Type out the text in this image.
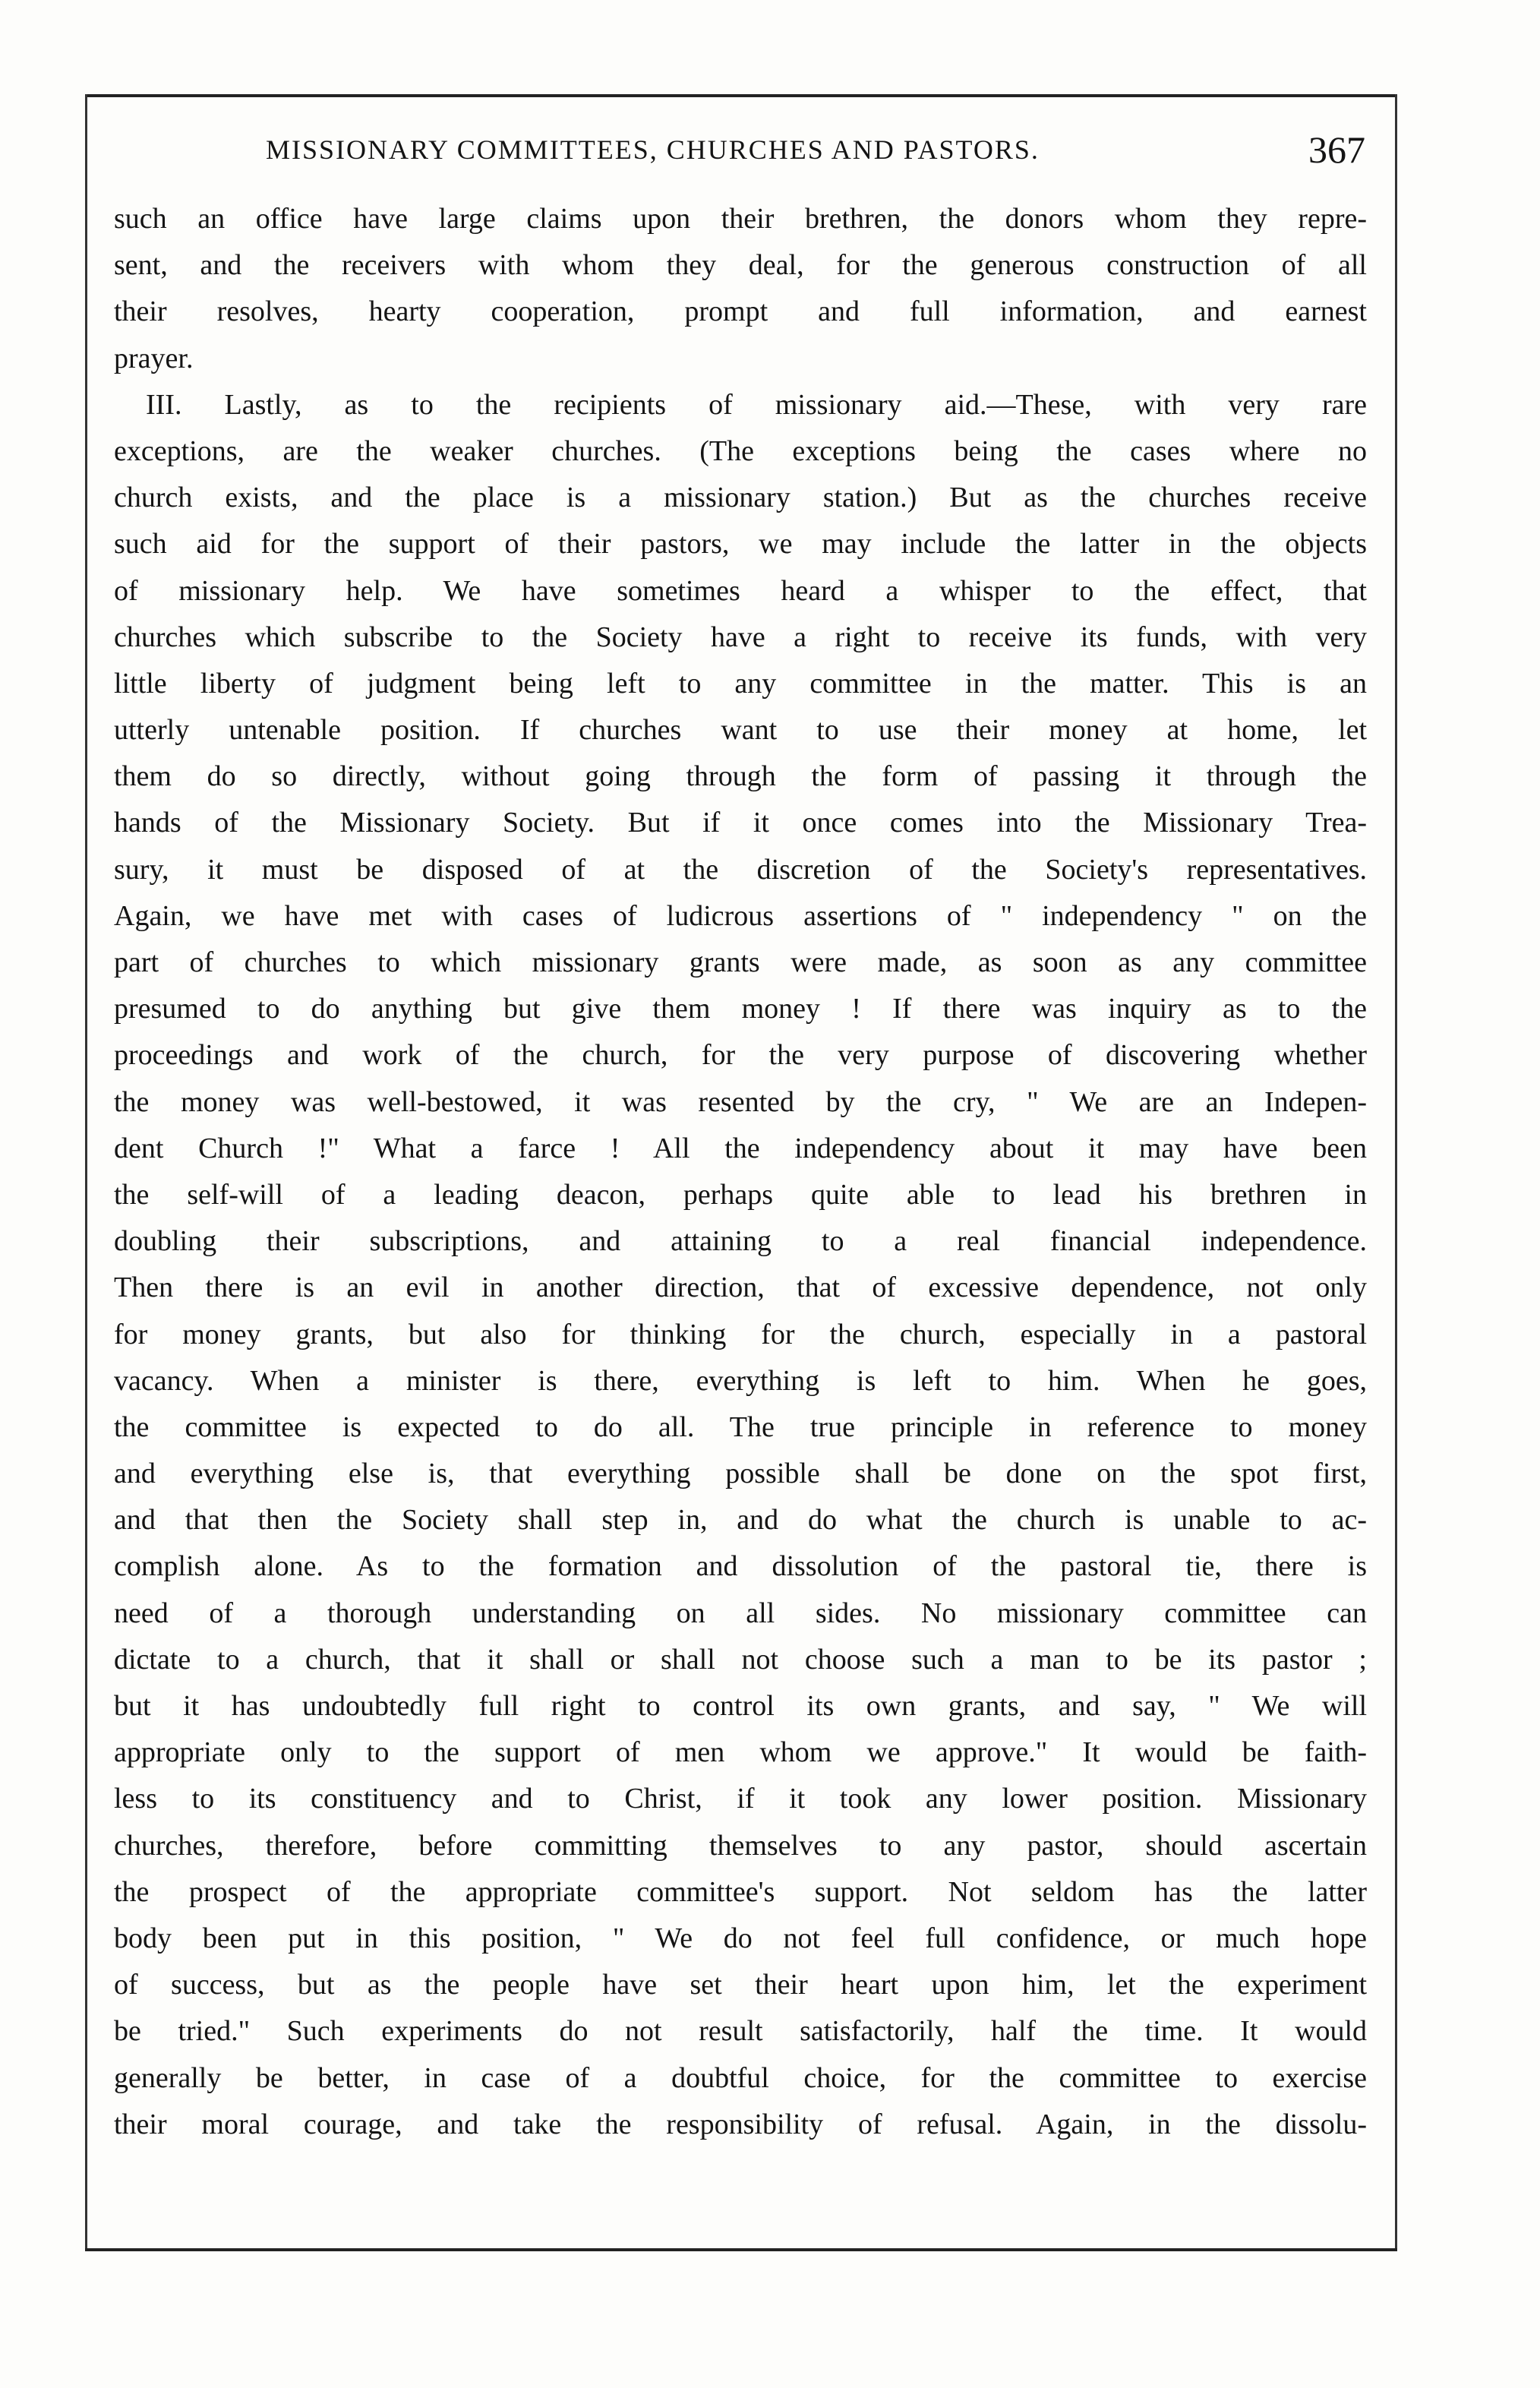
MISSIONARY COMMITTEES, CHURCHES AND PASTORS.	367
such an office have large claims upon their brethren, the donors whom they repre-
sent, and the receivers with whom they deal, for the generous construction of all
their resolves, hearty cooperation, prompt and full information, and earnest
prayer.
III. Lastly, as to the recipients of missionary aid.—These, with very rare
exceptions, are the weaker churches. (The exceptions being the cases where no
church exists, and the place is a missionary station.) But as the churches receive
such aid for the support of their pastors, we may include the latter in the objects
of missionary help. We have sometimes heard a whisper to the effect, that
churches which subscribe to the Society have a right to receive its funds, with very
little liberty of judgment being left to any committee in the matter. This is an
utterly untenable position. If churches want to use their money at home, let
them do so directly, without going through the form of passing it through the
hands of the Missionary Society. But if it once comes into the Missionary Trea-
sury, it must be disposed of at the discretion of the Society's representatives.
Again, we have met with cases of ludicrous assertions of " independency " on the
part of churches to which missionary grants were made, as soon as any committee
presumed to do anything but give them money ! If there was inquiry as to the
proceedings and work of the church, for the very purpose of discovering whether
the money was well-bestowed, it was resented by the cry, " We are an Indepen-
dent Church !" What a farce ! All the independency about it may have been
the self-will of a leading deacon, perhaps quite able to lead his brethren in
doubling their subscriptions, and attaining to a real financial independence.
Then there is an evil in another direction, that of excessive dependence, not only
for money grants, but also for thinking for the church, especially in a pastoral
vacancy. When a minister is there, everything is left to him. When he goes,
the committee is expected to do all. The true principle in reference to money
and everything else is, that everything possible shall be done on the spot first,
and that then the Society shall step in, and do what the church is unable to ac-
complish alone. As to the formation and dissolution of the pastoral tie, there is
need of a thorough understanding on all sides. No missionary committee can
dictate to a church, that it shall or shall not choose such a man to be its pastor ;
but it has undoubtedly full right to control its own grants, and say, " We will
appropriate only to the support of men whom we approve." It would be faith-
less to its constituency and to Christ, if it took any lower position. Missionary
churches, therefore, before committing themselves to any pastor, should ascertain
the prospect of the appropriate committee's support. Not seldom has the latter
body been put in this position, " We do not feel full confidence, or much hope
of success, but as the people have set their heart upon him, let the experiment
be tried." Such experiments do not result satisfactorily, half the time. It would
generally be better, in case of a doubtful choice, for the committee to exercise
their moral courage, and take the responsibility of refusal. Again, in the dissolu-
